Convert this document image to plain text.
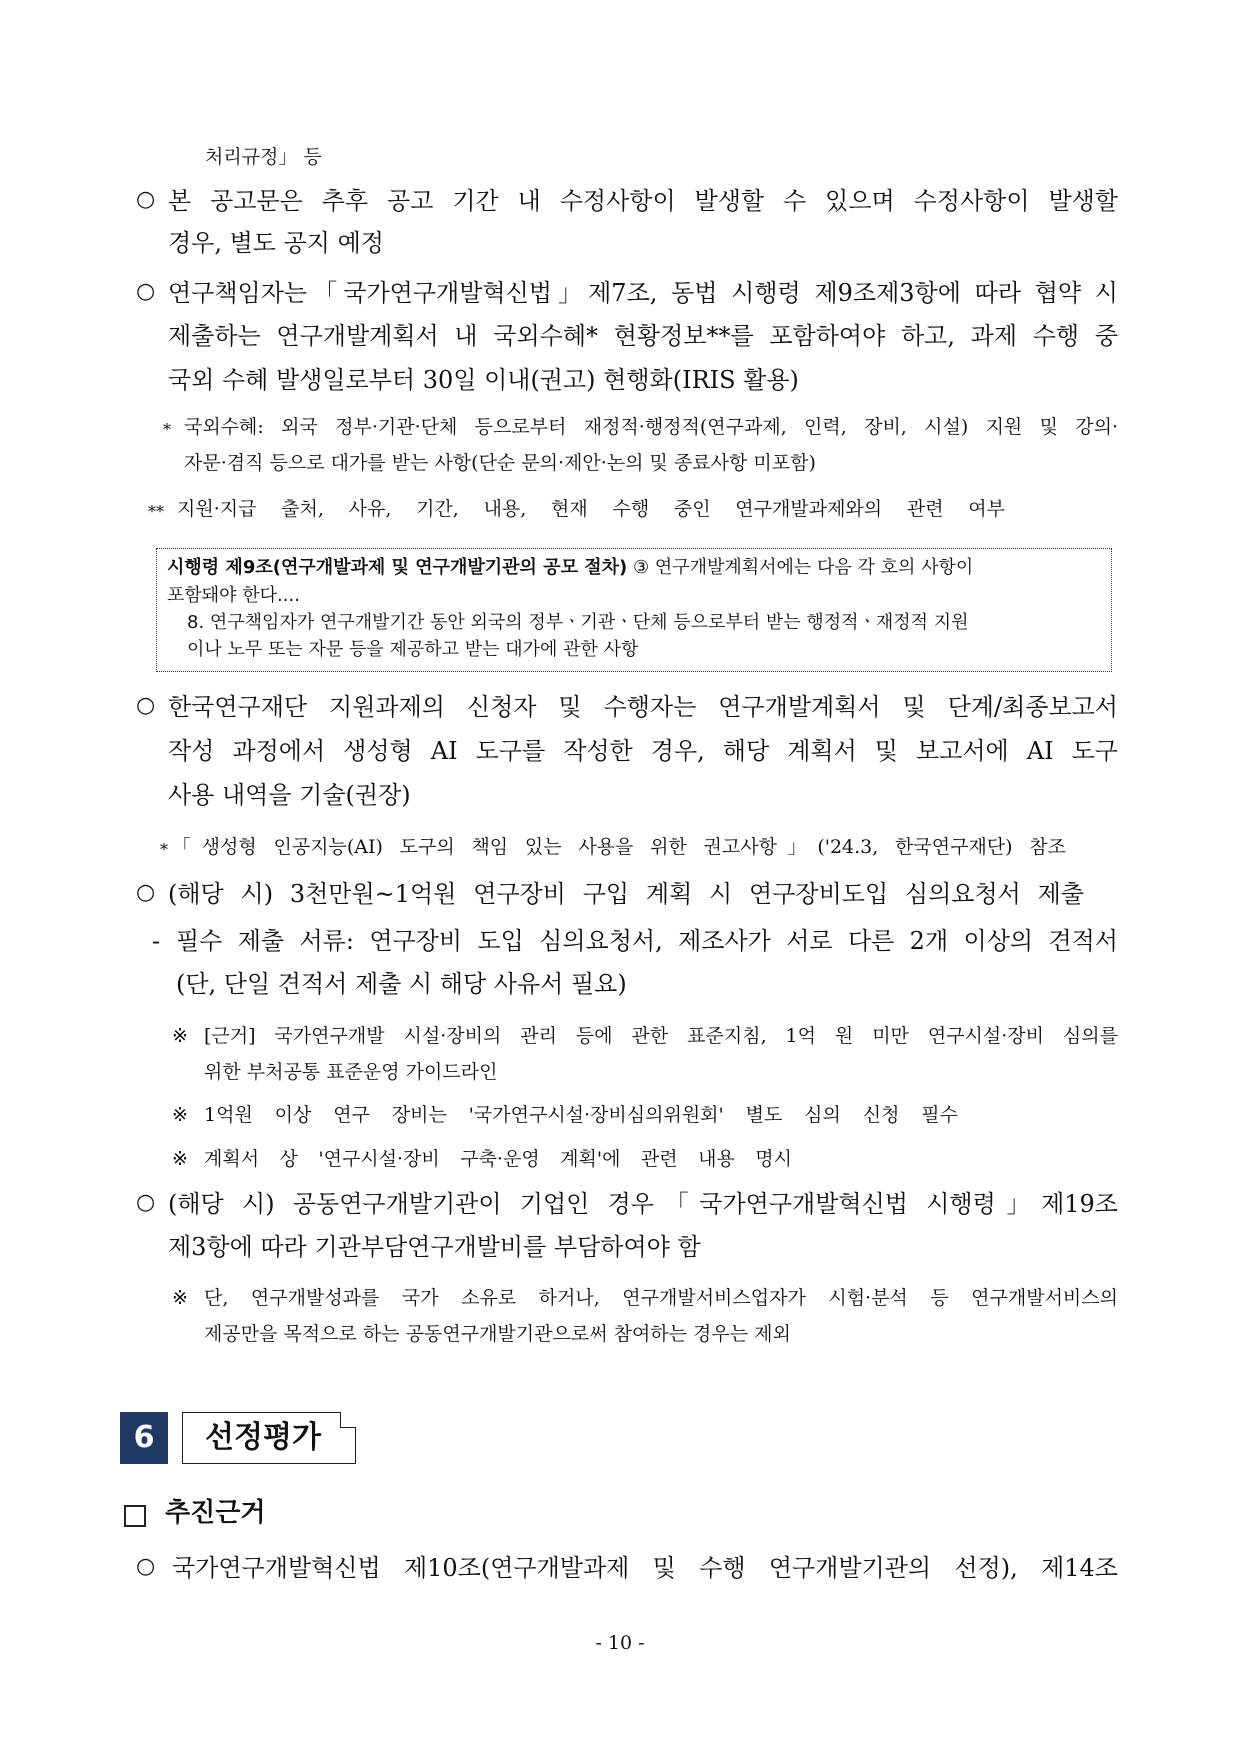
처리규정」 등
○ 본 공고문은 추후 공고 기간 내 수정사항이 발생할 수 있으며 수정사항이 발생할
경우, 별도 공지 예정
○ 연구책임자는「국가연구개발혁신법」제7조, 동법 시행령 제9조제3항에 따라 협약 시
제출하는 연구개발계획서 내 국외수혜* 현황정보**를 포함하여야 하고, 과제 수행 중
국외 수혜 발생일로부터 30일 이내(권고) 현행화(IRIS 활용)
* 국외수혜: 외국 정부·기관·단체 등으로부터 재정적·행정적(연구과제, 인력, 장비, 시설) 지원 및 강의·
자문·겸직 등으로 대가를 받는 사항(단순 문의·제안·논의 및 종료사항 미포함)
** 지원·지급 출처, 사유, 기간, 내용, 현재 수행 중인 연구개발과제와의 관련 여부
시행령 제9조(연구개발과제 및 연구개발기관의 공모 절차) ③ 연구개발계획서에는 다음 각 호의 사항이
포함돼야 한다....
8. 연구책임자가 연구개발기간 동안 외국의 정부ㆍ기관ㆍ단체 등으로부터 받는 행정적ㆍ재정적 지원
이나 노무 또는 자문 등을 제공하고 받는 대가에 관한 사항
○ 한국연구재단 지원과제의 신청자 및 수행자는 연구개발계획서 및 단계/최종보고서
작성 과정에서 생성형 AI 도구를 작성한 경우, 해당 계획서 및 보고서에 AI 도구
사용 내역을 기술(권장)
* 「생성형 인공지능(AI) 도구의 책임 있는 사용을 위한 권고사항」('24.3, 한국연구재단) 참조
○ (해당 시) 3천만원~1억원 연구장비 구입 계획 시 연구장비도입 심의요청서 제출
- 필수 제출 서류: 연구장비 도입 심의요청서, 제조사가 서로 다른 2개 이상의 견적서
(단, 단일 견적서 제출 시 해당 사유서 필요)
※ [근거] 국가연구개발 시설·장비의 관리 등에 관한 표준지침, 1억 원 미만 연구시설·장비 심의를
위한 부처공통 표준운영 가이드라인
※ 1억원 이상 연구 장비는 '국가연구시설·장비심의위원회' 별도 심의 신청 필수
※ 계획서 상 '연구시설·장비 구축·운영 계획'에 관련 내용 명시
○ (해당 시) 공동연구개발기관이 기업인 경우「국가연구개발혁신법 시행령」제19조
제3항에 따라 기관부담연구개발비를 부담하여야 함
※ 단, 연구개발성과를 국가 소유로 하거나, 연구개발서비스업자가 시험·분석 등 연구개발서비스의
제공만을 목적으로 하는 공동연구개발기관으로써 참여하는 경우는 제외
6	선정평가
추진근거
○ 국가연구개발혁신법 제10조(연구개발과제 및 수행 연구개발기관의 선정), 제14조
- 10 -
